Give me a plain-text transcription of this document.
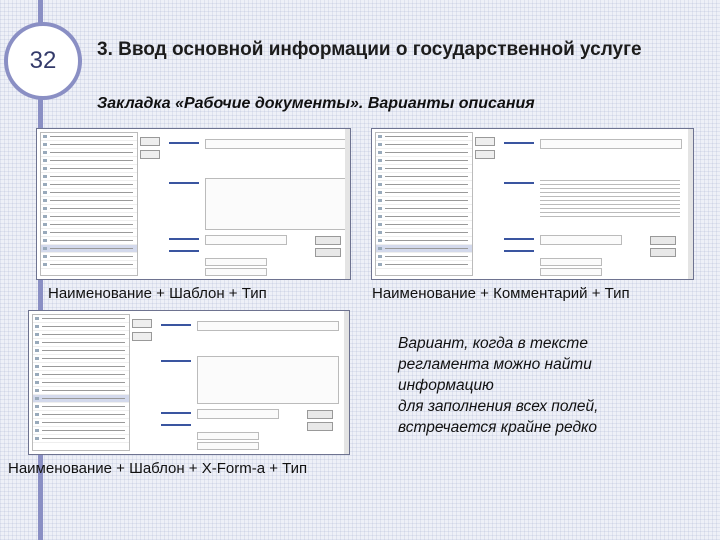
32 3. Ввод основной информации о государственной услуге
Закладка «Рабочие документы». Варианты описания
Наименование + Шаблон + Тип	Наименование + Комментарий + Тип
Наименование + Шаблон + X-Form-a + Тип
Вариант, когда в тексте
регламента можно найти
информацию
для заполнения всех полей,
встречается крайне редко
